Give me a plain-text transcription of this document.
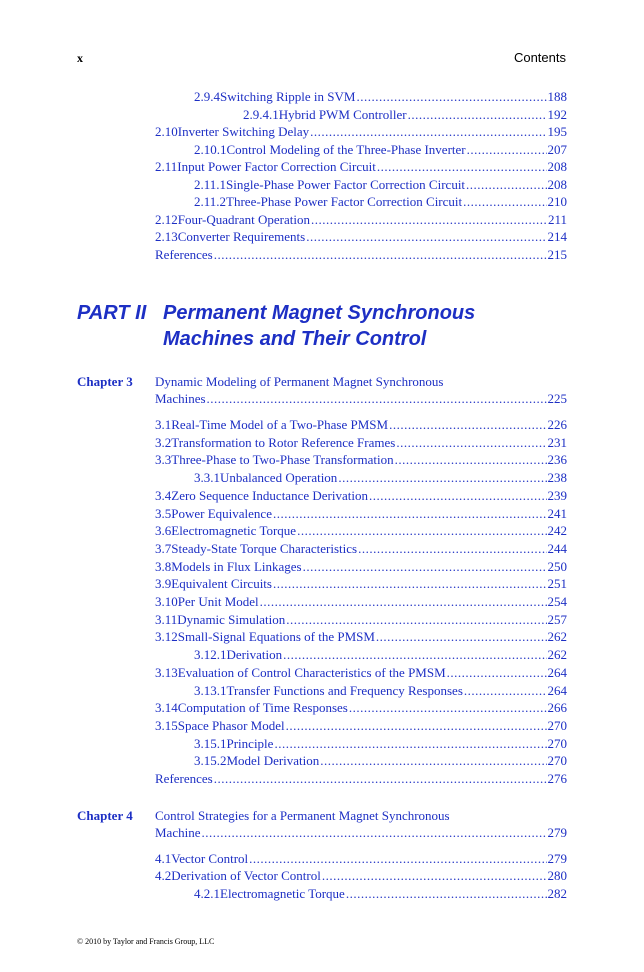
x	Contents
2.9.4 Switching Ripple in SVM .....	188
2.9.4.1 Hybrid PWM Controller .....	192
2.10 Inverter Switching Delay .....	195
2.10.1 Control Modeling of the Three-Phase Inverter .....	207
2.11 Input Power Factor Correction Circuit .....	208
2.11.1 Single-Phase Power Factor Correction Circuit .....	208
2.11.2 Three-Phase Power Factor Correction Circuit .....	210
2.12 Four-Quadrant Operation .....	211
2.13 Converter Requirements .....	214
References .....	215
PART II Permanent Magnet Synchronous
Machines and Their Control
Chapter 3 Dynamic Modeling of Permanent Magnet Synchronous
Machines .....	225
3.1 Real-Time Model of a Two-Phase PMSM .....	226
3.2 Transformation to Rotor Reference Frames .....	231
3.3 Three-Phase to Two-Phase Transformation .....	236
3.3.1 Unbalanced Operation .....	238
3.4 Zero Sequence Inductance Derivation .....	239
3.5 Power Equivalence .....	241
3.6 Electromagnetic Torque .....	242
3.7 Steady-State Torque Characteristics .....	244
3.8 Models in Flux Linkages .....	250
3.9 Equivalent Circuits .....	251
3.10 Per Unit Model .....	254
3.11 Dynamic Simulation .....	257
3.12 Small-Signal Equations of the PMSM .....	262
3.12.1 Derivation .....	262
3.13 Evaluation of Control Characteristics of the PMSM .....	264
3.13.1 Transfer Functions and Frequency Responses .....	264
3.14 Computation of Time Responses .....	266
3.15 Space Phasor Model .....	270
3.15.1 Principle .....	270
3.15.2 Model Derivation .....	270
References .....	276
Chapter 4 Control Strategies for a Permanent Magnet Synchronous
Machine .....	279
4.1 Vector Control .....	279
4.2 Derivation of Vector Control .....	280
4.2.1 Electromagnetic Torque .....	282
© 2010 by Taylor and Francis Group, LLC
